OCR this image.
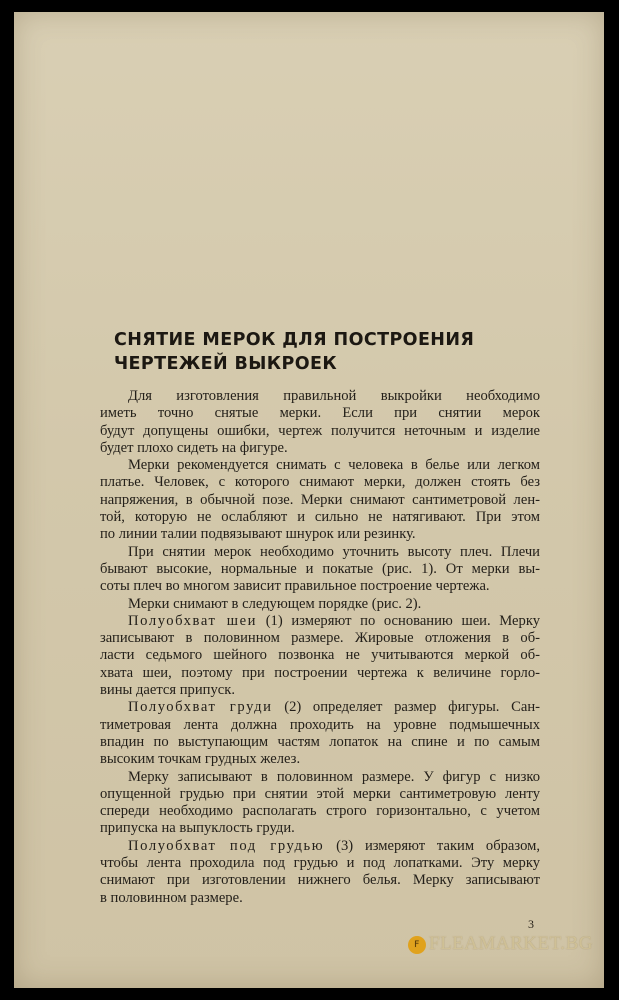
СНЯТИЕ МЕРОК ДЛЯ ПОСТРОЕНИЯ
ЧЕРТЕЖЕЙ ВЫКРОЕК
Для изготовления правильной выкройки необходимо
иметь точно снятые мерки. Если при снятии мерок
будут допущены ошибки, чертеж получится неточным и изделие
будет плохо сидеть на фигуре.
Мерки рекомендуется снимать с человека в белье или легком
платье. Человек, с которого снимают мерки, должен стоять без
напряжения, в обычной позе. Мерки снимают сантиметровой лен-
той, которую не ослабляют и сильно не натягивают. При этом
по линии талии подвязывают шнурок или резинку.
При снятии мерок необходимо уточнить высоту плеч. Плечи
бывают высокие, нормальные и покатые (рис. 1). От мерки вы-
соты плеч во многом зависит правильное построение чертежа.
Мерки снимают в следующем порядке (рис. 2).
Полуобхват шеи (1) измеряют по основанию шеи. Мерку
записывают в половинном размере. Жировые отложения в об-
ласти седьмого шейного позвонка не учитываются меркой об-
хвата шеи, поэтому при построении чертежа к величине горло-
вины дается припуск.
Полуобхват груди (2) определяет размер фигуры. Сан-
тиметровая лента должна проходить на уровне подмышечных
впадин по выступающим частям лопаток на спине и по самым
высоким точкам грудных желез.
Мерку записывают в половинном размере. У фигур с низко
опущенной грудью при снятии этой мерки сантиметровую ленту
спереди необходимо располагать строго горизонтально, с учетом
припуска на выпуклость груди.
Полуобхват под грудью (3) измеряют таким образом,
чтобы лента проходила под грудью и под лопатками. Эту мерку
снимают при изготовлении нижнего белья. Мерку записывают
в половинном размере.
3
F FLEAMARKET.BG
